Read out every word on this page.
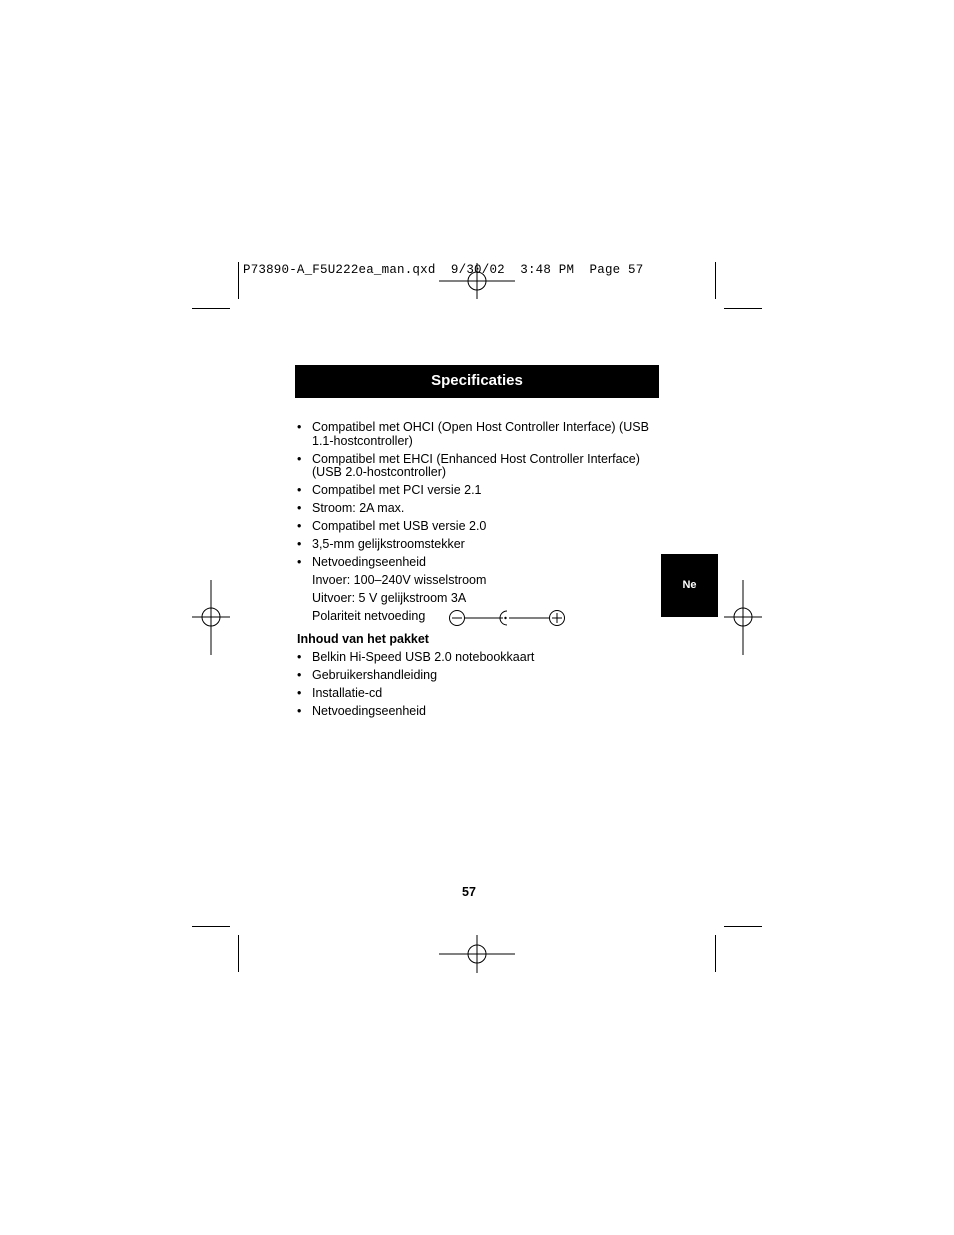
P73890-A_F5U222ea_man.qxd  9/30/02  3:48 PM  Page 57
Specificaties
Ne
• Compatibel met OHCI (Open Host Controller Interface) (USB 1.1-hostcontroller)
• Compatibel met EHCI (Enhanced Host Controller Interface) (USB 2.0-hostcontroller)
• Compatibel met PCI versie 2.1
• Stroom: 2A max.
• Compatibel met USB versie 2.0
• 3,5-mm gelijkstroomstekker
• Netvoedingseenheid
Invoer: 100–240V wisselstroom
Uitvoer: 5 V gelijkstroom 3A
Polariteit netvoeding
Inhoud van het pakket
• Belkin Hi-Speed USB 2.0 notebookkaart
• Gebruikershandleiding
• Installatie-cd
• Netvoedingseenheid
57
